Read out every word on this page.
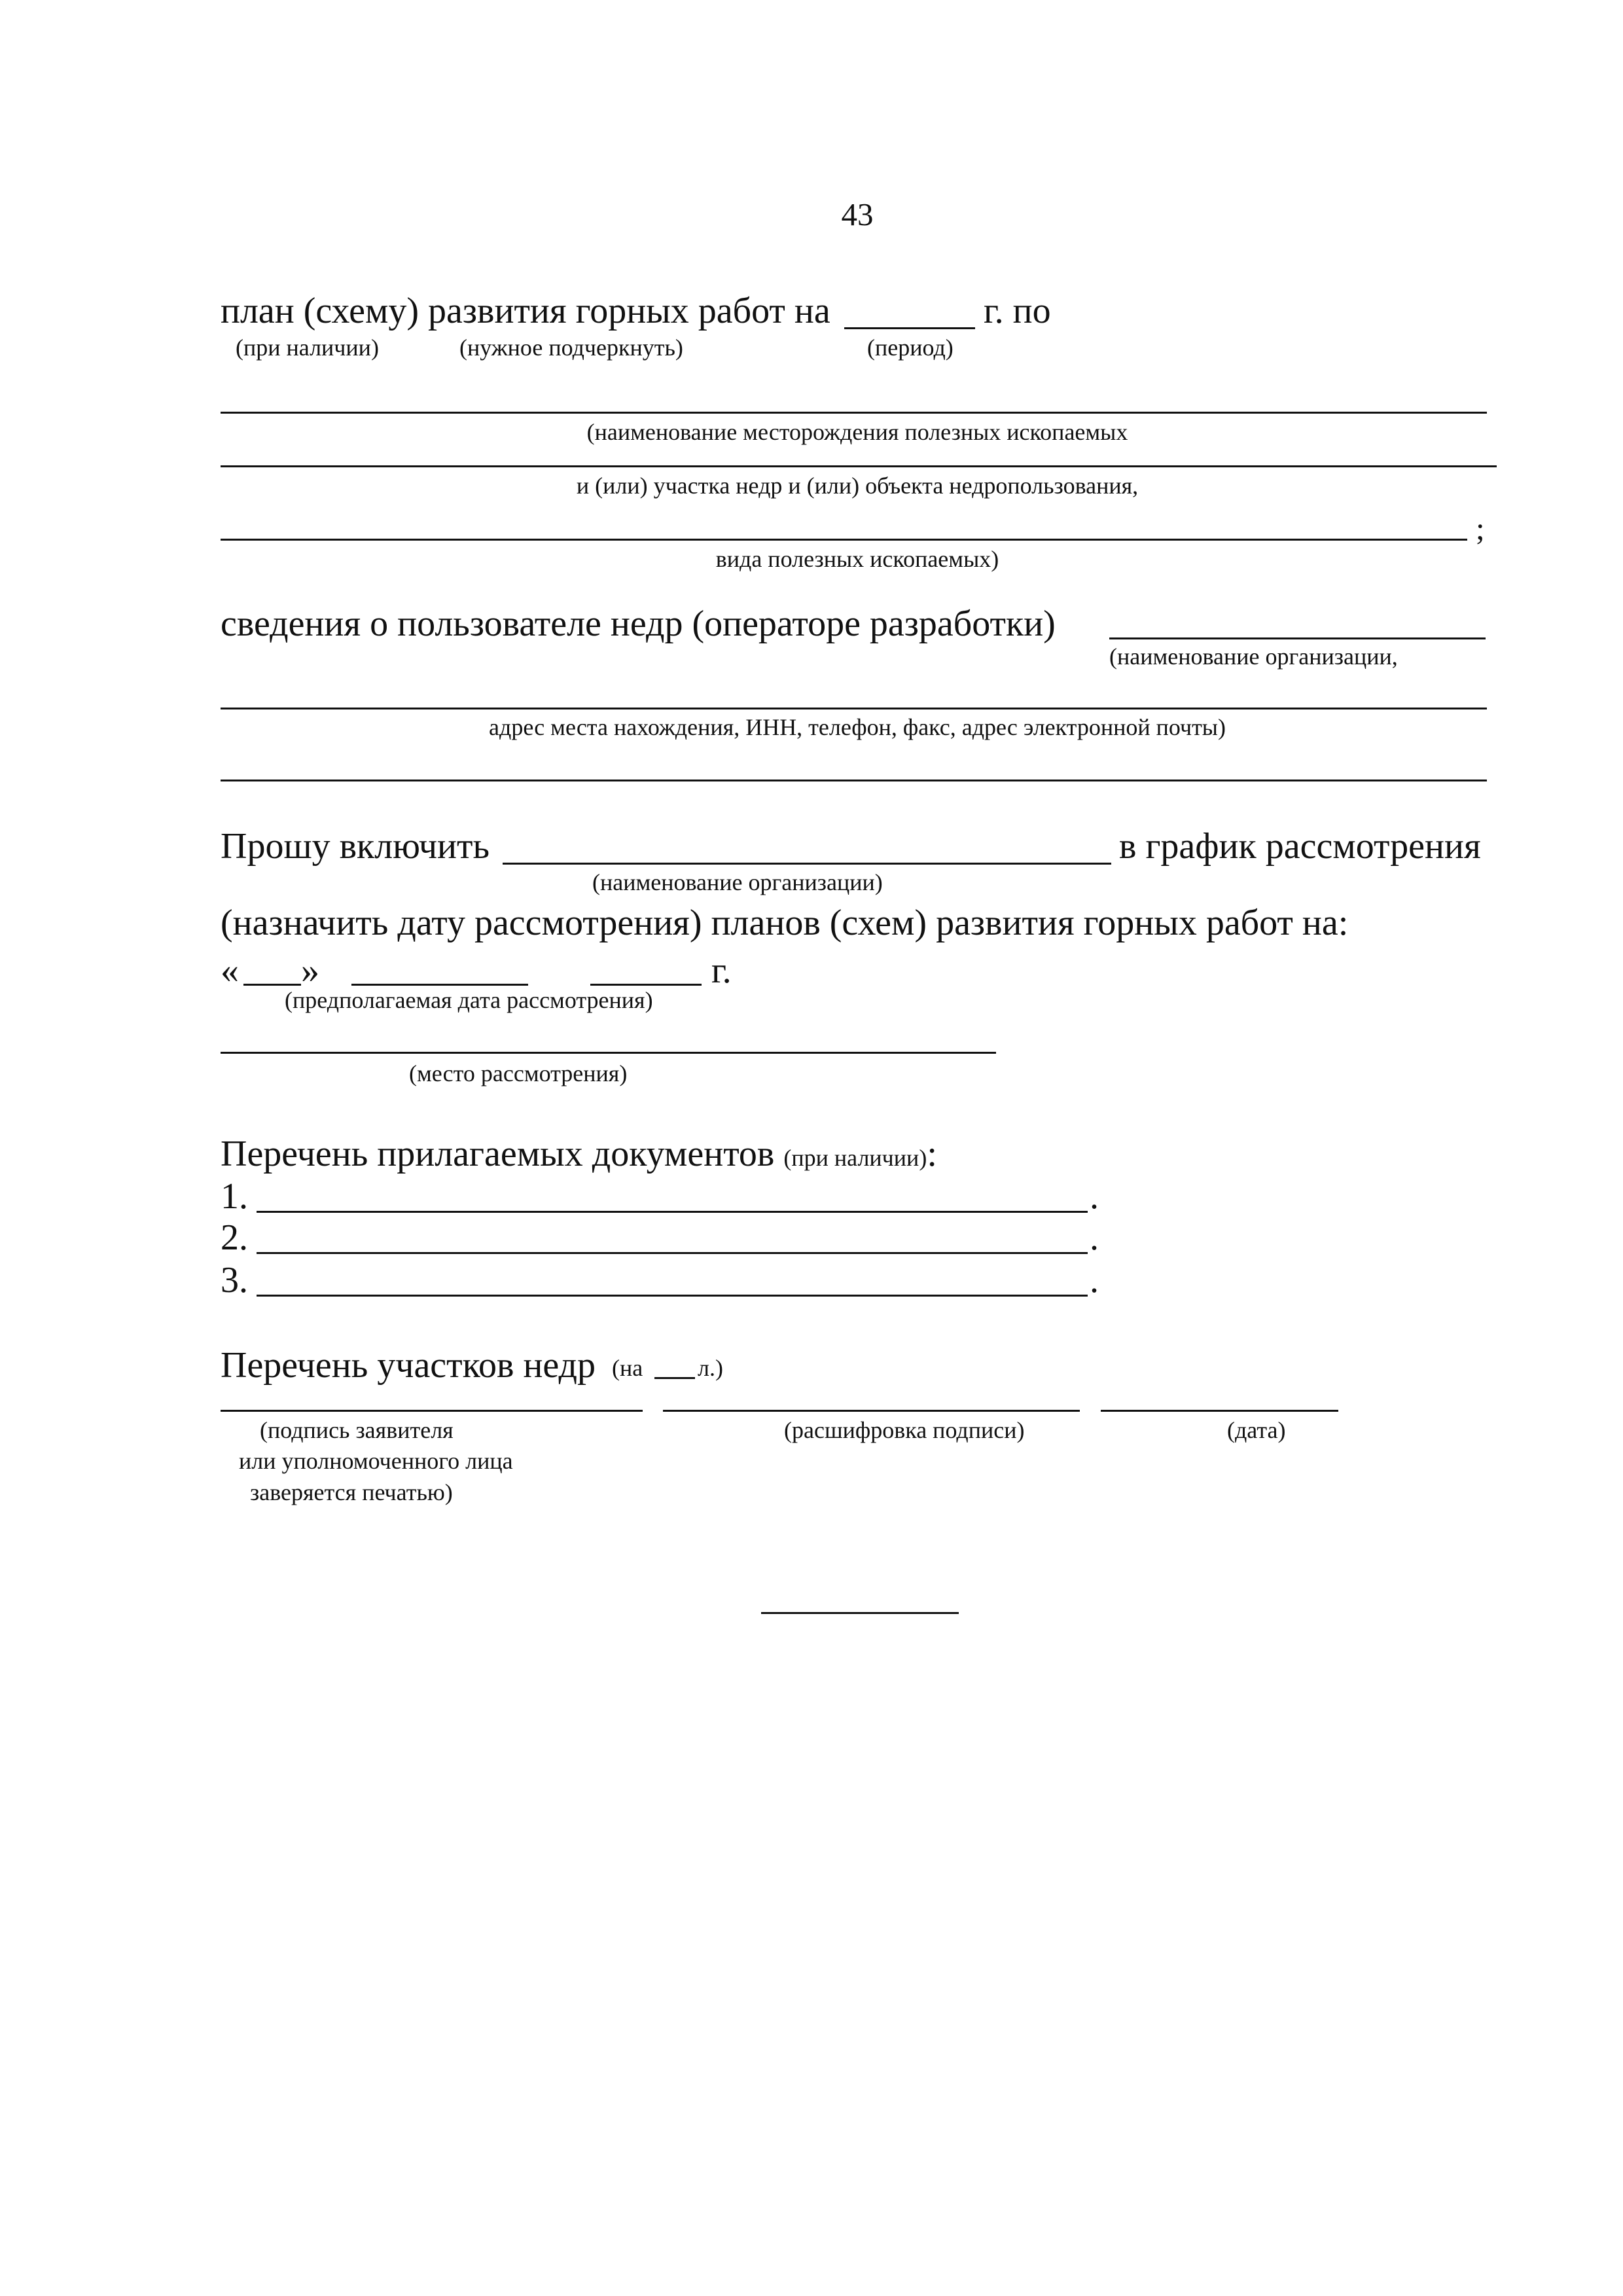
43
план (схему) развития горных работ на	г. по
(при наличии)	(нужное подчеркнуть)	(период)
(наименование месторождения полезных ископаемых
и (или) участка недр и (или) объекта недропользования,
;
вида полезных ископаемых)
сведения о пользователе недр (операторе разработки)
(наименование организации,
адрес места нахождения, ИНН, телефон, факс, адрес электронной почты)
Прошу включить	в график рассмотрения
(наименование организации)
(назначить дату рассмотрения) планов (схем) развития горных работ на:
« »	г.
(предполагаемая дата рассмотрения)
(место рассмотрения)
Перечень прилагаемых документов (при наличии):
1.	.
2.	.
3.	.
Перечень участков недр (на л.)
(подпись заявителя
или уполномоченного лица
заверяется печатью)
(расшифровка подписи)	(дата)
